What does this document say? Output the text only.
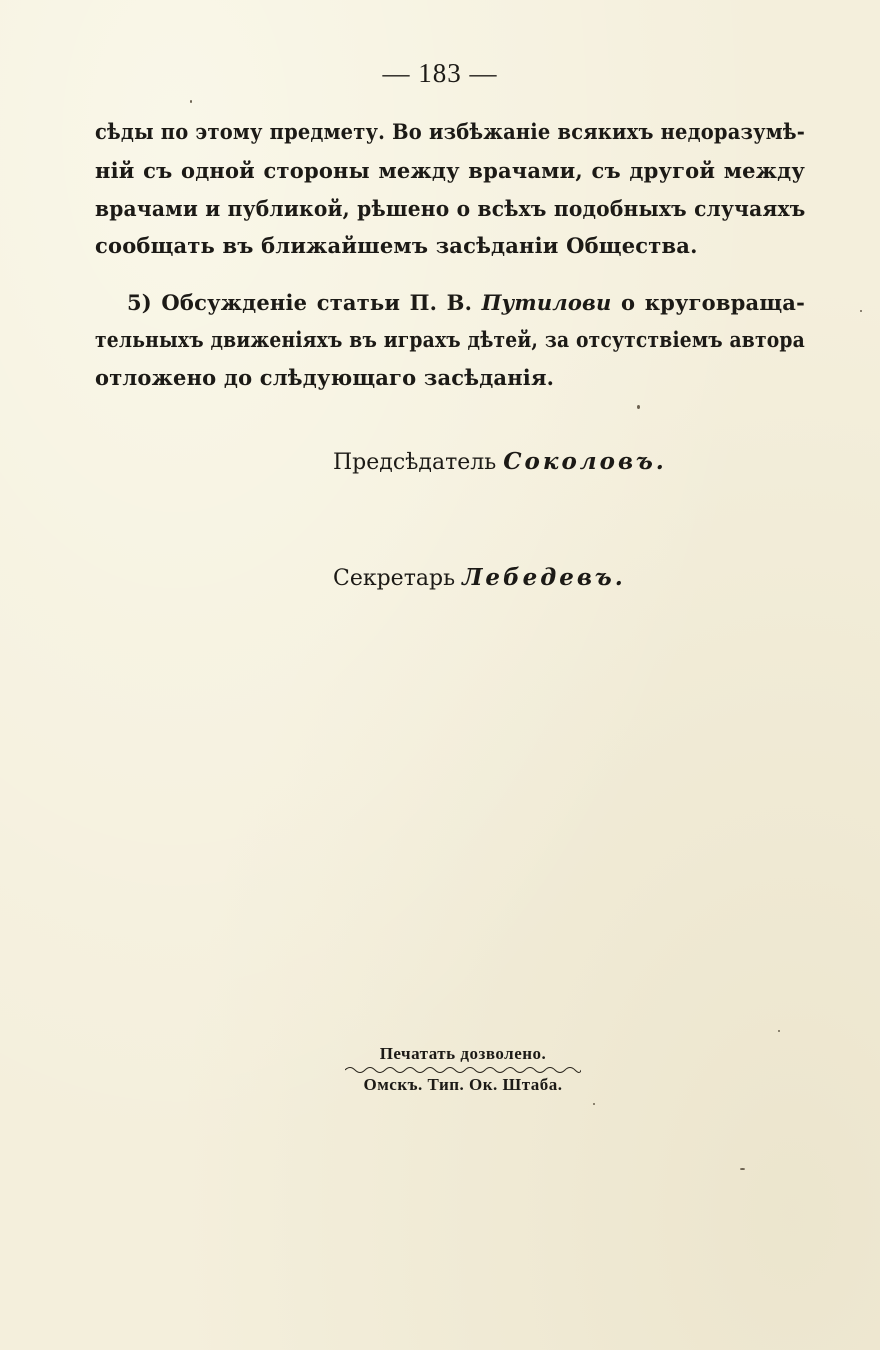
— 183 —
сѣды по этому предмету. Во избѣжаніе всякихъ недоразумѣ-
ній съ одной стороны между врачами, съ другой между
врачами и публикой, рѣшено о всѣхъ подобныхъ случаяхъ
сообщать въ ближайшемъ засѣданіи Общества.
5) Обсужденіе статьи П. В. Путилови о круговраща-
тельныхъ движеніяхъ въ играхъ дѣтей, за отсутствіемъ автора
отложено до слѣдующаго засѣданія.
Предсѣдатель Соколовъ.
Секретарь Лебедевъ.
Печатать дозволено.
Омскъ. Тип. Ок. Штаба.
